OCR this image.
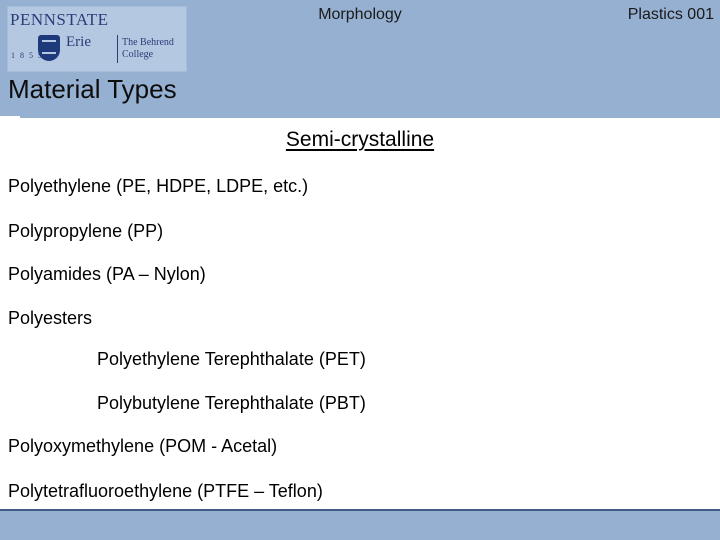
PENNSTATE
1 8 5 5
Erie	The Behrend
College
Morphology	Plastics 001
Material Types
Semi-crystalline
Polyethylene (PE, HDPE, LDPE, etc.)
Polypropylene (PP)
Polyamides (PA – Nylon)
Polyesters
Polyethylene Terephthalate (PET)
Polybutylene Terephthalate (PBT)
Polyoxymethylene (POM - Acetal)
Polytetrafluoroethylene (PTFE – Teflon)
